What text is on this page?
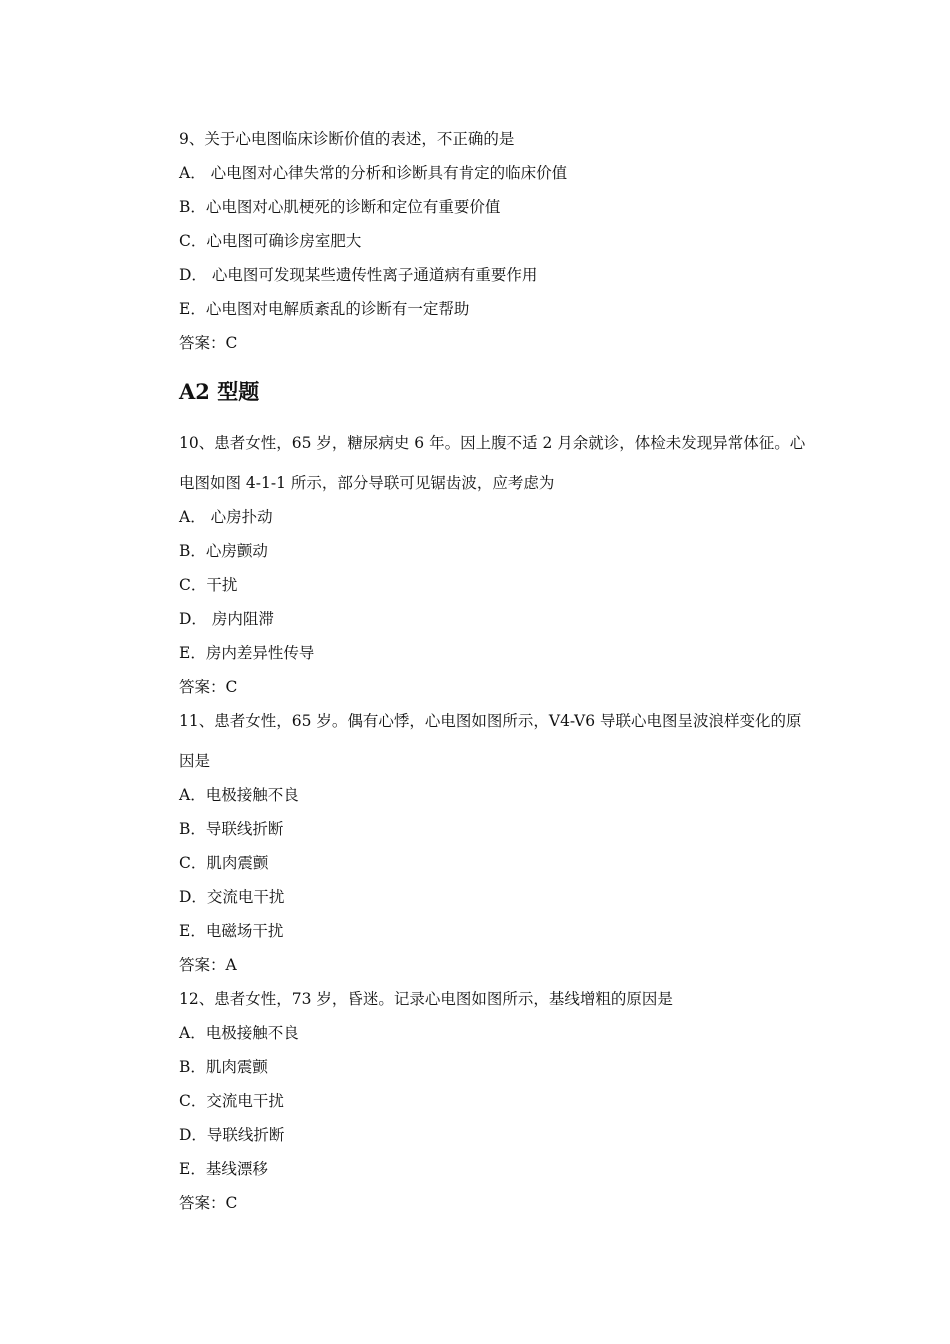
9、关于心电图临床诊断价值的表述，不正确的是
A． 心电图对心律失常的分析和诊断具有肯定的临床价值
B．心电图对心肌梗死的诊断和定位有重要价值
C．心电图可确诊房室肥大
D． 心电图可发现某些遗传性离子通道病有重要作用
E．心电图对电解质紊乱的诊断有一定帮助
答案：C
A2 型题
10、患者女性，65 岁，糖尿病史 6 年。因上腹不适 2 月余就诊，体检未发现异常体征。心
电图如图 4-1-1 所示，部分导联可见锯齿波，应考虑为
A． 心房扑动
B．心房颤动
C．干扰
D． 房内阻滞
E．房内差异性传导
答案：C
11、患者女性，65 岁。偶有心悸，心电图如图所示，V4-V6 导联心电图呈波浪样变化的原
因是
A．电极接触不良
B．导联线折断
C．肌肉震颤
D．交流电干扰
E．电磁场干扰
答案：A
12、患者女性，73 岁，昏迷。记录心电图如图所示，基线增粗的原因是
A．电极接触不良
B．肌肉震颤
C．交流电干扰
D．导联线折断
E．基线漂移
答案：C
